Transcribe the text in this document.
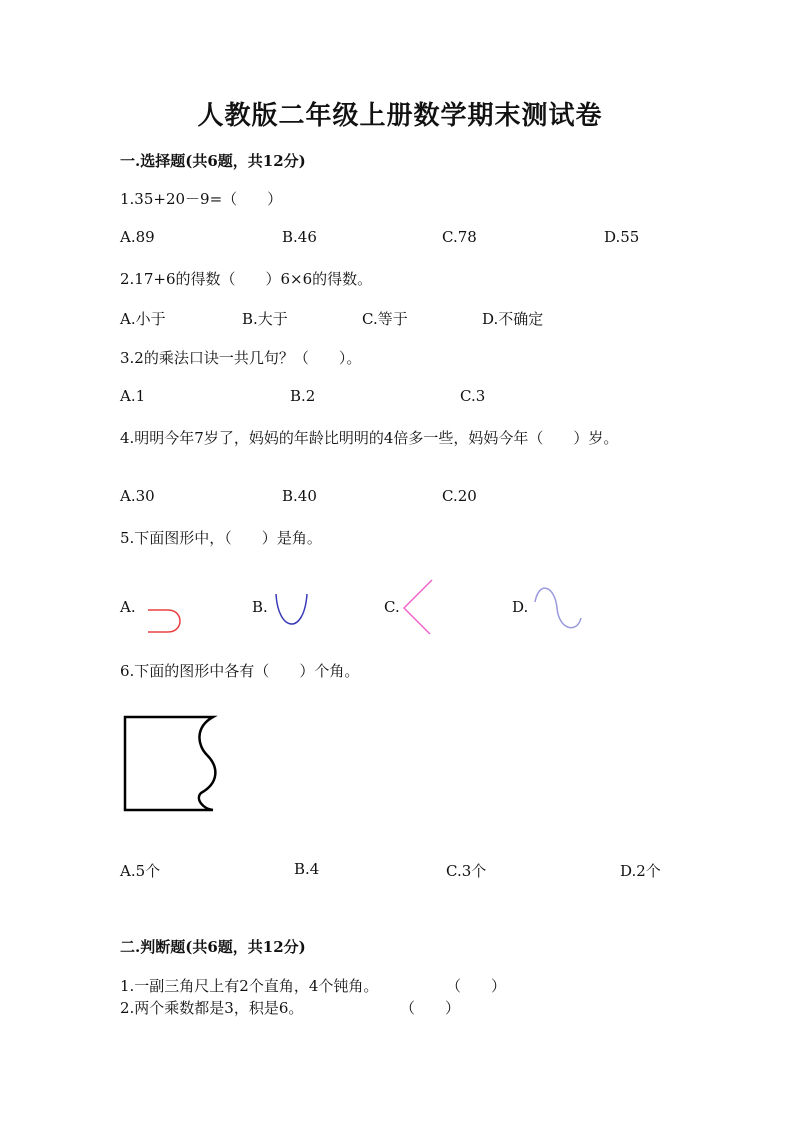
人教版二年级上册数学期末测试卷
一.选择题(共6题，共12分)
1.35+20－9=（　　）
A.89	B.46	C.78	D.55
2.17+6的得数（　　）6×6的得数。
A.小于	B.大于	C.等于	D.不确定
3.2的乘法口诀一共几句？（　　）。
A.1	B.2	C.3
4.明明今年7岁了，妈妈的年龄比明明的4倍多一些，妈妈今年（　　）岁。
A.30	B.40	C.20
5.下面图形中，（　　）是角。
A.	B.	C.	D.
6.下面的图形中各有（　　）个角。
A.5个	B.4	C.3个	D.2个
二.判断题(共6题，共12分)
1.一副三角尺上有2个直角，4个钝角。	（　　）
2.两个乘数都是3，积是6。	（　　）
